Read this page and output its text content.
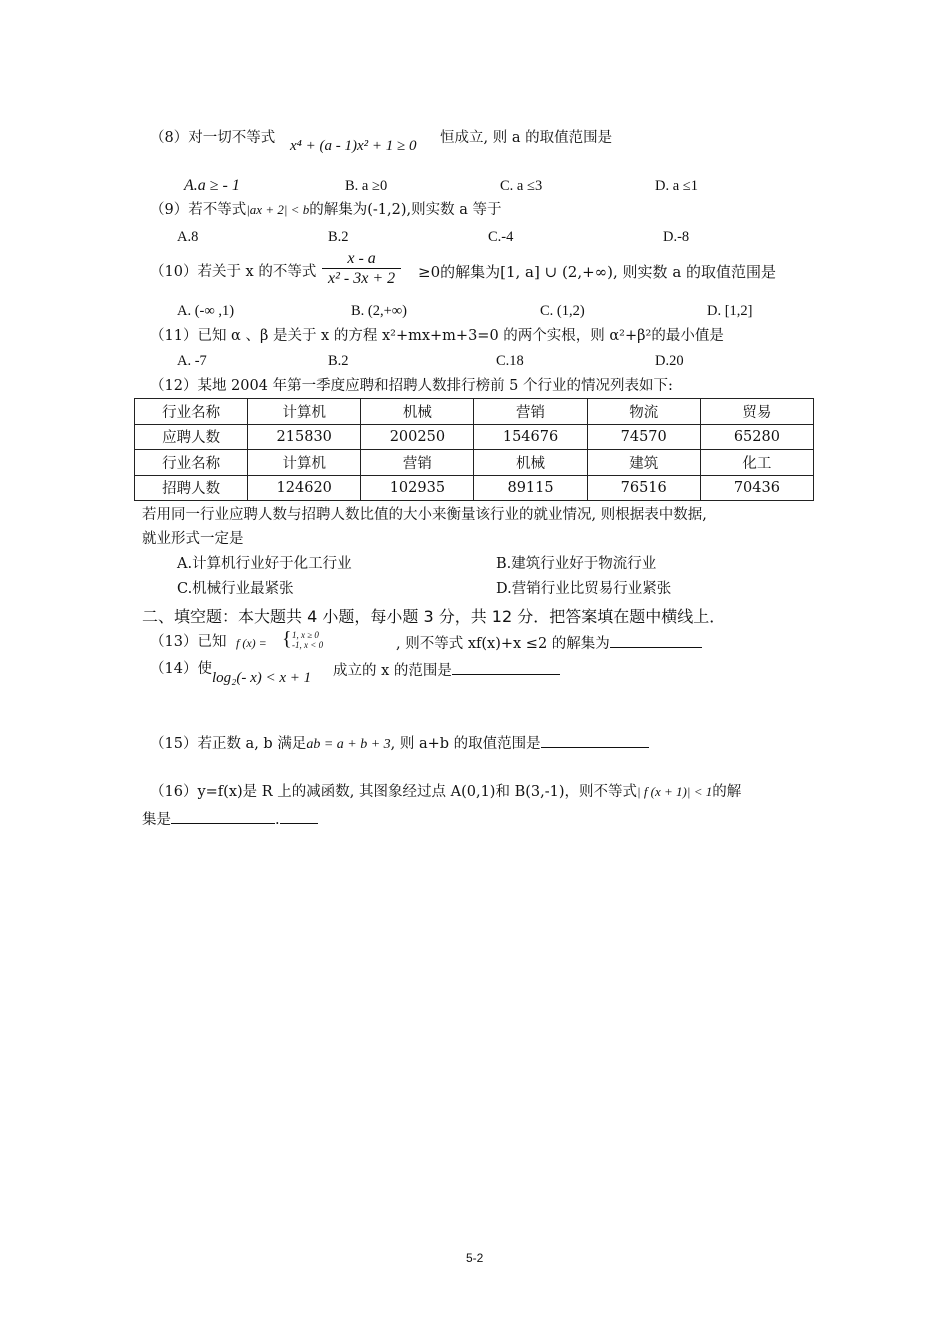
（8）对一切不等式 x⁴ + (a - 1)x² + 1 ≥ 0 恒成立, 则 a 的取值范围是
A.a ≥ - 1	B. a ≥0	C. a ≤3	D. a ≤1
（9）若不等式|ax + 2| < b的解集为(-1,2),则实数 a 等于
A.8	B.2	C.-4	D.-8
（10）若关于 x 的不等式 $\frac{x - a}{\text{x² - 3x + 2}} \ge 0$的解集为[1, a] ∪ (2,+∞), 则实数 a 的取值范围是
A. (-∞ ,1)	B. (2,+∞)	C. (1,2)	D. [1,2]
（11）已知 α 、β 是关于 x 的方程 x²+mx+m+3=0 的两个实根，则 α²+β²的最小值是
A. -7	B.2	C.18	D.20
（12）某地 2004 年第一季度应聘和招聘人数排行榜前 5 个行业的情况列表如下:
行业名称	计算机	机械	营销	物流	贸易
应聘人数	215830	200250	154676	74570	65280
行业名称	计算机	营销	机械	建筑	化工
招聘人数	124620	102935	89115	76516	70436
若用同一行业应聘人数与招聘人数比值的大小来衡量该行业的就业情况, 则根据表中数据,
就业形式一定是
A.计算机行业好于化工行业	B.建筑行业好于物流行业
C.机械行业最紧张	D.营销行业比贸易行业紧张
二、填空题：本大题共 4 小题，每小题 3 分，共 12 分．把答案填在题中横线上．
（13）已知 f (x) = { 1, x ≥ 0
-1, x < 0	, 则不等式 xf(x)+x ≤2 的解集为
（14）使
log₂(- x) < x + 1 成立的 x 的范围是
（15）若正数 a, b 满足ab = a + b + 3, 则 a+b 的取值范围是
（16）y=f(x)是 R 上的减函数, 其图象经过点 A(0,1)和 B(3,-1)，则不等式| f (x + 1)| < 1的解
集是	.
5-2
